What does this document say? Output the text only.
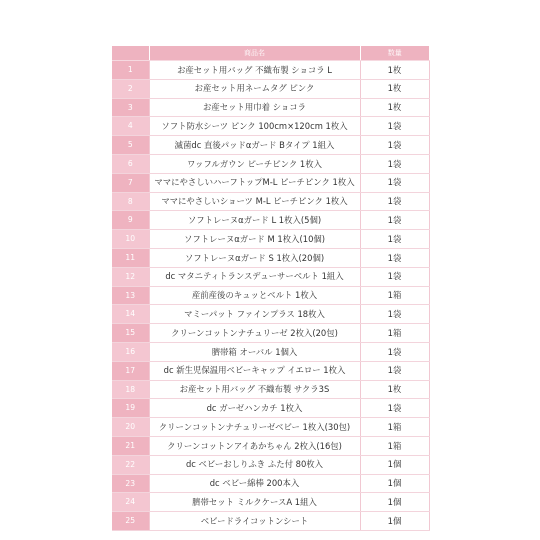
	商品名	数量
1	お産セット用バッグ 不織布製 ショコラ L	1枚
2	お産セット用ネームタグ ピンク	1枚
3	お産セット用巾着 ショコラ	1枚
4	ソフト防水シーツ ピンク 100cm×120cm 1枚入	1袋
5	滅菌dc 直後パッドαガード Bタイプ 1組入	1袋
6	ワッフルガウン ピーチピンク 1枚入	1袋
7	ママにやさしいハーフトップM-L ピーチピンク 1枚入	1袋
8	ママにやさしいショーツ M-L ピーチピンク 1枚入	1袋
9	ソフトレーヌαガード L 1枚入(5個)	1袋
10	ソフトレーヌαガード M 1枚入(10個)	1袋
11	ソフトレーヌαガード S 1枚入(20個)	1袋
12	dc マタニティトランスデューサーベルト 1組入	1袋
13	産前産後のキュッとベルト 1枚入	1箱
14	マミーパット ファインプラス 18枚入	1袋
15	クリーンコットンナチュリーゼ 2枚入(20包)	1箱
16	臍帯箱 オーバル 1個入	1袋
17	dc 新生児保温用ベビーキャップ イエロー 1枚入	1袋
18	お産セット用バッグ 不織布製 サクラ3S	1枚
19	dc ガーゼハンカチ 1枚入	1袋
20	クリーンコットンナチュリーゼベビー 1枚入(30包)	1箱
21	クリーンコットンアイあかちゃん 2枚入(16包)	1箱
22	dc ベビーおしりふき ふた付 80枚入	1個
23	dc ベビー綿棒 200本入	1個
24	臍帯セット ミルクケースA 1組入	1個
25	ベビードライコットンシート	1個
